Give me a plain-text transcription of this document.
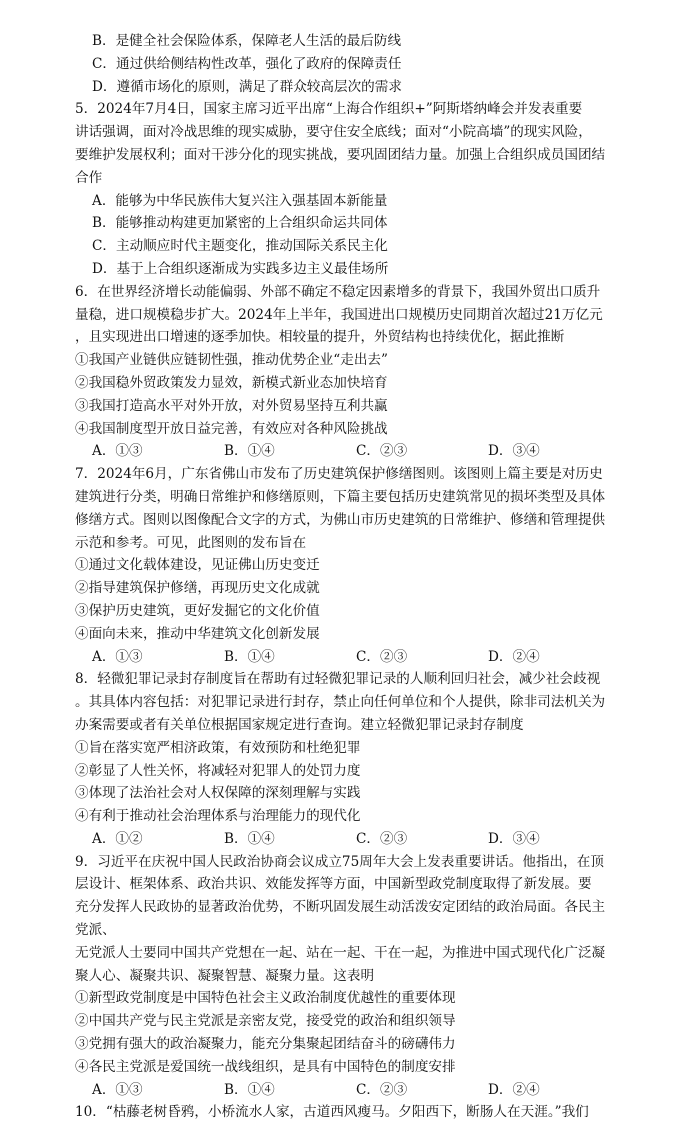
B．是健全社会保险体系，保障老人生活的最后防线
C．通过供给侧结构性改革，强化了政府的保障责任
D．遵循市场化的原则，满足了群众较高层次的需求
5．2024年7月4日，国家主席习近平出席“上海合作组织+”阿斯塔纳峰会并发表重要
讲话强调，面对冷战思维的现实威胁，要守住安全底线；面对“小院高墙”的现实风险，
要维护发展权利；面对干涉分化的现实挑战，要巩固团结力量。加强上合组织成员国团结
合作
A．能够为中华民族伟大复兴注入强基固本新能量
B．能够推动构建更加紧密的上合组织命运共同体
C．主动顺应时代主题变化，推动国际关系民主化
D．基于上合组织逐渐成为实践多边主义最佳场所
6．在世界经济增长动能偏弱、外部不确定不稳定因素增多的背景下，我国外贸出口质升
量稳，进口规模稳步扩大。2024年上半年，我国进出口规模历史同期首次超过21万亿元
，且实现进出口增速的逐季加快。相较量的提升，外贸结构也持续优化，据此推断
①我国产业链供应链韧性强，推动优势企业“走出去”
②我国稳外贸政策发力显效，新模式新业态加快培育
③我国打造高水平对外开放，对外贸易坚持互利共赢
④我国制度型开放日益完善，有效应对各种风险挑战
A．①③	B．①④	C．②③	D．③④
7．2024年6月，广东省佛山市发布了历史建筑保护修缮图则。该图则上篇主要是对历史
建筑进行分类，明确日常维护和修缮原则，下篇主要包括历史建筑常见的损坏类型及具体
修缮方式。图则以图像配合文字的方式，为佛山市历史建筑的日常维护、修缮和管理提供
示范和参考。可见，此图则的发布旨在
①通过文化载体建设，见证佛山历史变迁
②指导建筑保护修缮，再现历史文化成就
③保护历史建筑，更好发掘它的文化价值
④面向未来，推动中华建筑文化创新发展
A．①③	B．①④	C．②③	D．②④
8．轻微犯罪记录封存制度旨在帮助有过轻微犯罪记录的人顺利回归社会，减少社会歧视
。其具体内容包括：对犯罪记录进行封存，禁止向任何单位和个人提供，除非司法机关为
办案需要或者有关单位根据国家规定进行查询。建立轻微犯罪记录封存制度
①旨在落实宽严相济政策，有效预防和杜绝犯罪
②彰显了人性关怀，将减轻对犯罪人的处罚力度
③体现了法治社会对人权保障的深刻理解与实践
④有利于推动社会治理体系与治理能力的现代化
A．①②	B．①④	C．②③	D．③④
9．习近平在庆祝中国人民政治协商会议成立75周年大会上发表重要讲话。他指出，在顶
层设计、框架体系、政治共识、效能发挥等方面，中国新型政党制度取得了新发展。要
充分发挥人民政协的显著政治优势，不断巩固发展生动活泼安定团结的政治局面。各民主
党派、
无党派人士要同中国共产党想在一起、站在一起、干在一起，为推进中国式现代化广泛凝
聚人心、凝聚共识、凝聚智慧、凝聚力量。这表明
①新型政党制度是中国特色社会主义政治制度优越性的重要体现
②中国共产党与民主党派是亲密友党，接受党的政治和组织领导
③党拥有强大的政治凝聚力，能充分集聚起团结奋斗的磅礴伟力
④各民主党派是爱国统一战线组织，是具有中国特色的制度安排
A．①③	B．①④	C．②③	D．②④
10．“枯藤老树昏鸦，小桥流水人家，古道西风瘦马。夕阳西下，断肠人在天涯。”我们
